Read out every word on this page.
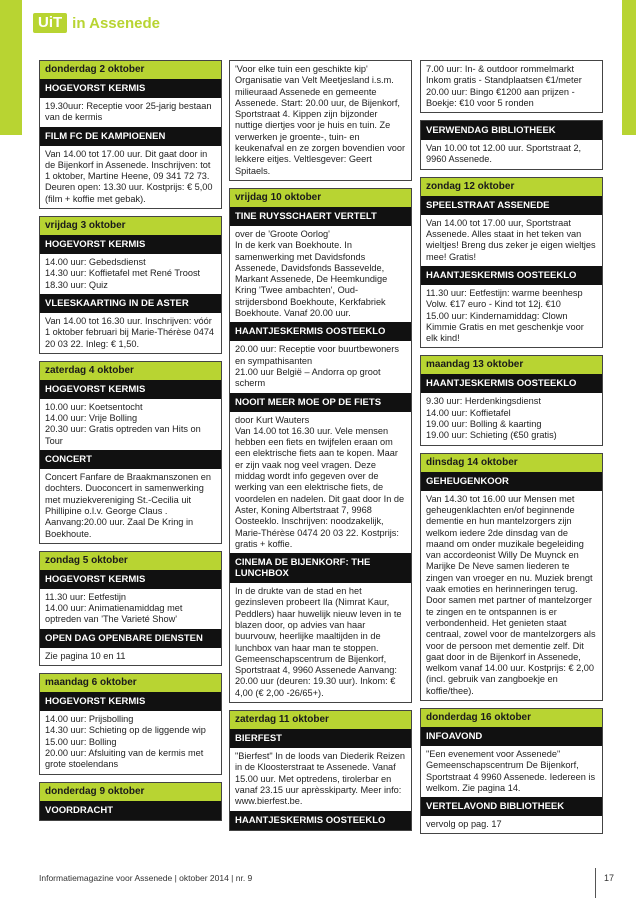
UiT in Assenede
donderdag 2 oktober
HOGEVORST KERMIS
19.30uur: Receptie voor 25-jarig bestaan van de kermis
FILM FC DE KAMPIOENEN
Van 14.00 tot 17.00 uur. Dit gaat door in de Bijenkorf in Assenede. Inschrijven: tot 1 oktober, Martine Heene, 09 341 72 73. Deuren open: 13.30 uur. Kostprijs: € 5,00 (film + koffie met gebak).
vrijdag 3 oktober
HOGEVORST KERMIS
14.00 uur: Gebedsdienst
14.30 uur: Koffietafel met René Troost
18.30 uur: Quiz
VLEESKAARTING IN DE ASTER
Van 14.00 tot 16.30 uur. Inschrijven: vóór 1 oktober februari bij Marie-Thérèse 0474 20 03 22. Inleg: € 1,50.
zaterdag 4 oktober
HOGEVORST KERMIS
10.00 uur: Koetsentocht
14.00 uur: Vrije Bolling
20.30 uur: Gratis optreden van Hits on Tour
CONCERT
Concert Fanfare de Braakmanszonen en dochters. Duoconcert in samenwerking met muziekvereniging St.-Cecilia uit Phillipine o.l.v. George Claus . Aanvang:20.00 uur. Zaal De Kring in Boekhoute.
zondag 5 oktober
HOGEVORST KERMIS
11.30 uur: Eetfestijn
14.00 uur: Animatienamiddag met optreden van 'The Varieté Show'
OPEN DAG OPENBARE DIENSTEN
Zie pagina 10 en 11
maandag 6 oktober
HOGEVORST KERMIS
14.00 uur: Prijsbolling
14.30 uur: Schieting op de liggende wip
15.00 uur: Bolling
20.00 uur: Afsluiting van de kermis met grote stoelendans
donderdag 9 oktober
VOORDRACHT
'Voor elke tuin een geschikte kip' Organisatie van Velt Meetjesland i.s.m. milieuraad Assenede en gemeente Assenede. Start: 20.00 uur, de Bijenkorf, Sportstraat 4. Kippen zijn bijzonder nuttige diertjes voor je huis en tuin. Ze verwerken je groente-, tuin- en keukenafval en ze zorgen bovendien voor lekkere eitjes. Veltlesgever: Geert Spitaels.
vrijdag 10 oktober
TINE RUYSSCHAERT VERTELT
over de 'Groote Oorlog'
In de kerk van Boekhoute. In samenwerking met Davidsfonds Assenede, Davidsfonds Bassevelde, Markant Assenede, De Heemkundige Kring 'Twee ambachten', Oud-strijdersbond Boekhoute, Kerkfabriek Boekhoute. Vanaf 20.00 uur.
HAANTJESKERMIS OOSTEEKLO
20.00 uur: Receptie voor buurtbewoners en sympathisanten
21.00 uur België – Andorra op groot scherm
NOOIT MEER MOE OP DE FIETS
door Kurt Wauters
Van 14.00 tot 16.30 uur. Vele mensen hebben een fiets en twijfelen eraan om een elektrische fiets aan te kopen. Maar er zijn vaak nog veel vragen. Deze middag wordt info gegeven over de werking van een elektrische fiets, de voordelen en nadelen. Dit gaat door In de Aster, Koning Albertstraat 7, 9968 Oosteeklo. Inschrijven: noodzakelijk, Marie-Thérèse 0474 20 03 22. Kostprijs: gratis + koffie.
CINEMA DE BIJENKORF: THE LUNCHBOX
In de drukte van de stad en het gezinsleven probeert Ila (Nimrat Kaur, Peddlers) haar huwelijk nieuw leven in te blazen door, op advies van haar buurvouw, heerlijke maaltijden in de lunchbox van haar man te stoppen.
Gemeenschapscentrum de Bijenkorf, Sportstraat 4, 9960 Assenede Aanvang: 20.00 uur (deuren: 19.30 uur). Inkom: € 4,00 (€ 2,00 -26/65+).
zaterdag 11 oktober
BIERFEST
"Bierfest" In de loods van Diederik Reizen in de Kloosterstraat te Assenede. Vanaf 15.00 uur. Met optredens, tirolerbar en vanaf 23.15 uur aprèsskiparty. Meer info: www.bierfest.be.
HAANTJESKERMIS OOSTEEKLO
7.00 uur: In- & outdoor rommelmarkt Inkom gratis - Standplaatsen €1/meter
20.00 uur: Bingo €1200 aan prijzen - Boekje: €10 voor 5 ronden
VERWENDAG BIBLIOTHEEK
Van 10.00 tot 12.00 uur. Sportstraat 2, 9960 Assenede.
zondag 12 oktober
SPEELSTRAAT ASSENEDE
Van 14.00 tot 17.00 uur, Sportstraat Assenede. Alles staat in het teken van wieltjes! Breng dus zeker je eigen wieltjes mee! Gratis!
HAANTJESKERMIS OOSTEEKLO
11.30 uur: Eetfestijn: warme beenhesp Volw. €17 euro - Kind tot 12j. €10
15.00 uur: Kindernamiddag: Clown Kimmie Gratis en met geschenkje voor elk kind!
maandag 13 oktober
HAANTJESKERMIS OOSTEEKLO
9.30 uur: Herdenkingsdienst
14.00 uur: Koffietafel
19.00 uur: Bolling & kaarting
19.00 uur: Schieting (€50 gratis)
dinsdag 14 oktober
GEHEUGENKOOR
Van 14.30 tot 16.00 uur Mensen met geheugenklachten en/of beginnende dementie en hun mantelzorgers zijn welkom iedere 2de dinsdag van de maand om onder muzikale begeleiding van accordeonist Willy De Muynck en Marijke De Neve samen liederen te zingen van vroeger en nu. Muziek brengt vaak emoties en herinneringen terug. Door samen met partner of mantelzorger te zingen en te ontspannen is er verbondenheid. Het genieten staat centraal, zowel voor de mantelzorgers als voor de persoon met dementie zelf. Dit gaat door in de Bijenkorf in Assenede, welkom vanaf 14.00 uur. Kostprijs: € 2,00 (incl. gebruik van zangboekje en koffie/thee).
donderdag 16 oktober
INFOAVOND
"Een evenement voor Assenede" Gemeenschapscentrum De Bijenkorf, Sportstraat 4 9960 Assenede. Iedereen is welkom. Zie pagina 14.
VERTELAVOND BIBLIOTHEEK
vervolg op pag. 17
Informatiemagazine voor Assenede | oktober 2014 | nr. 9	17
